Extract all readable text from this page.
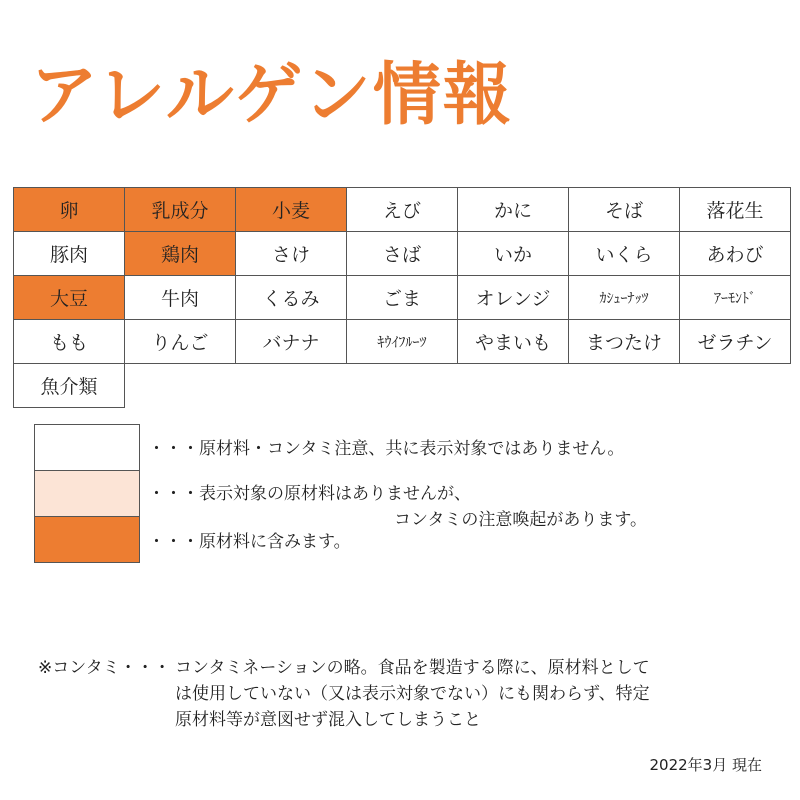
アレルゲン情報
卵	乳成分	小麦	えび	かに	そば	落花生
豚肉	鶏肉	さけ	さば	いか	いくら	あわび
大豆	牛肉	くるみ	ごま	オレンジ	ｶｼｭｰﾅｯﾂ	ｱｰﾓﾝﾄﾞ
もも	りんご	バナナ	ｷｳｲﾌﾙｰﾂ	やまいも	まつたけ	ゼラチン
魚介類						
・・・原材料・コンタミ注意、共に表示対象ではありません。
・・・表示対象の原材料はありませんが、
コンタミの注意喚起があります。
・・・原材料に含みます。
※コンタミ・・・ コンタミネーションの略。食品を製造する際に、原材料として
は使用していない（又は表示対象でない）にも関わらず、特定
原材料等が意図せず混入してしまうこと
2022年3月 現在
